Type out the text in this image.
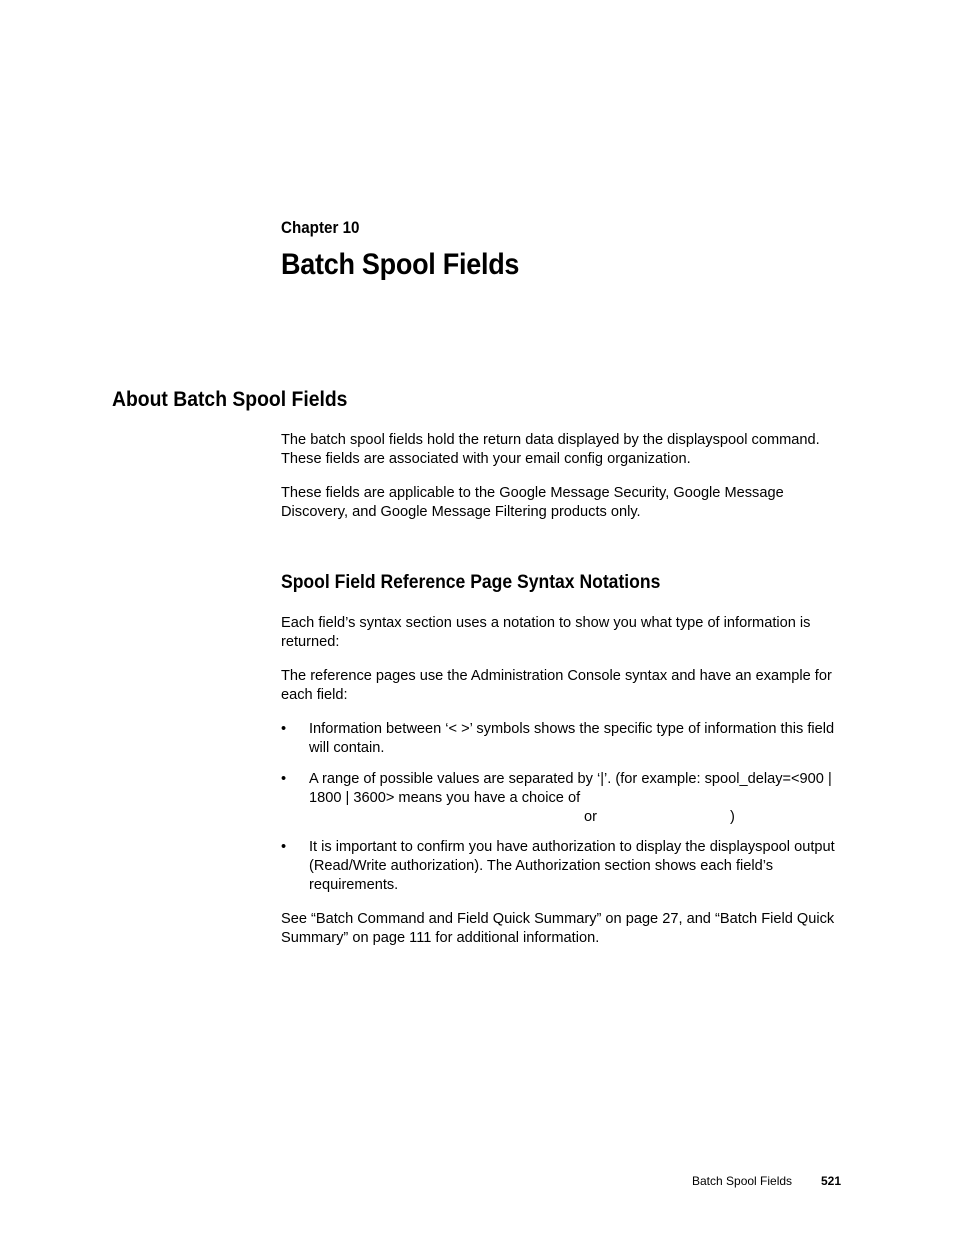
Chapter 10
Batch Spool Fields
About Batch Spool Fields

The batch spool fields hold the return data displayed by the displayspool command. These fields are associated with your email config organization.

These fields are applicable to the Google Message Security, Google Message Discovery, and Google Message Filtering products only.

Spool Field Reference Page Syntax Notations

Each field’s syntax section uses a notation to show you what type of information is returned:

The reference pages use the Administration Console syntax and have an example for each field:

• Information between ‘< >’ symbols shows the specific type of information this field will contain.
• A range of possible values are separated by ‘|’. (for example: spool_delay=<900 | 1800 | 3600> means you have a choice of
or	)
• It is important to confirm you have authorization to display the displayspool output (Read/Write authorization). The Authorization section shows each field’s requirements.

See “Batch Command and Field Quick Summary” on page 27, and “Batch Field Quick Summary” on page 111 for additional information.

Batch Spool Fields 521
